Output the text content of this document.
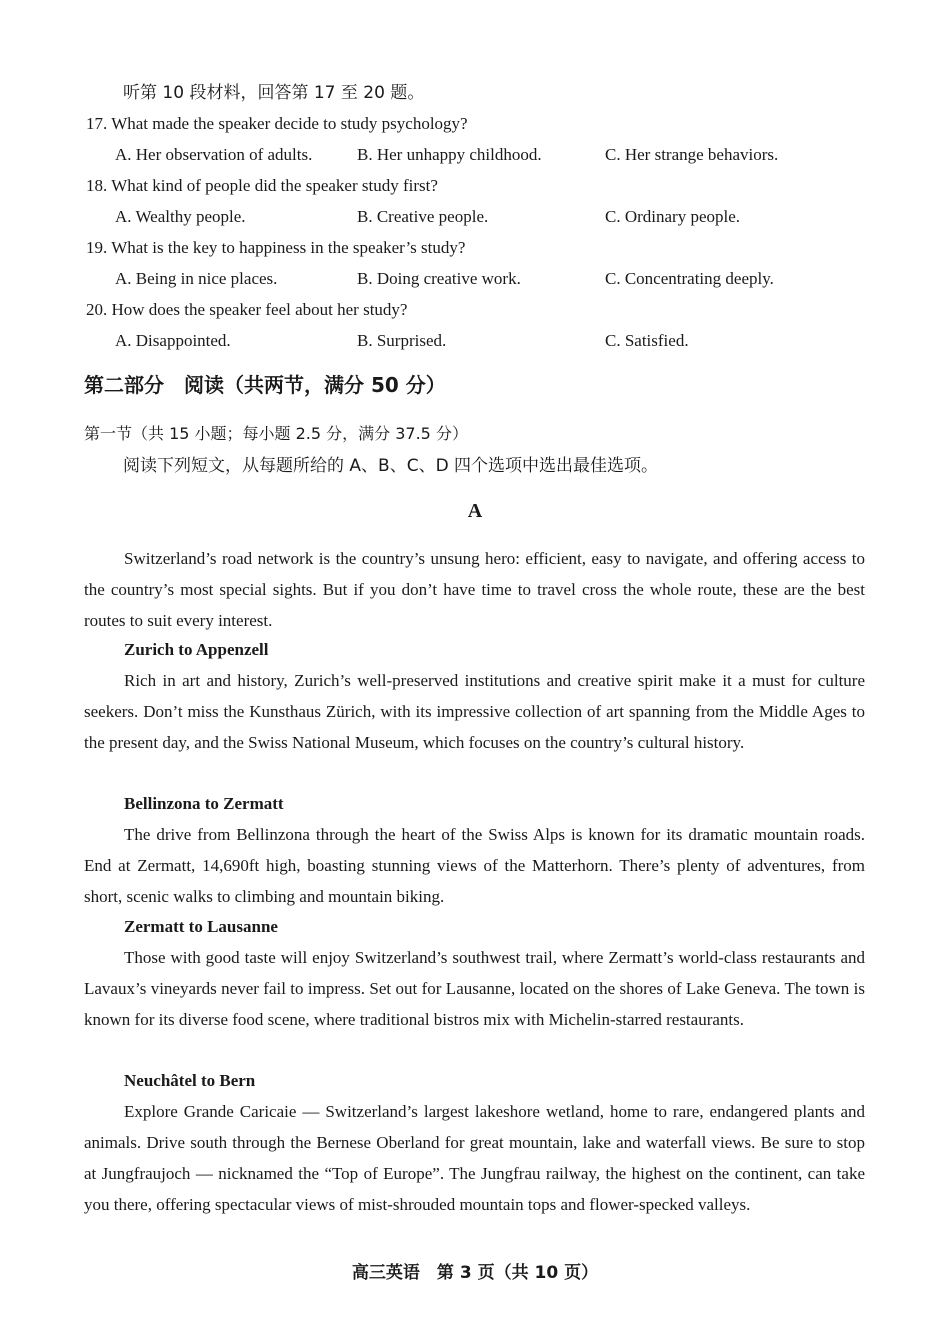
听第 10 段材料，回答第 17 至 20 题。
17. What made the speaker decide to study psychology?
A. Her observation of adults.	B. Her unhappy childhood.	C. Her strange behaviors.
18. What kind of people did the speaker study first?
A. Wealthy people.	B. Creative people.	C. Ordinary people.
19. What is the key to happiness in the speaker’s study?
A. Being in nice places.	B. Doing creative work.	C. Concentrating deeply.
20. How does the speaker feel about her study?
A. Disappointed.	B. Surprised.	C. Satisfied.
第二部分　阅读（共两节，满分 50 分）
第一节（共 15 小题；每小题 2.5 分，满分 37.5 分）
阅读下列短文，从每题所给的 A、B、C、D 四个选项中选出最佳选项。
A

Switzerland’s road network is the country’s unsung hero: efficient, easy to navigate, and offering access to the country’s most special sights. But if you don’t have time to travel cross the whole route, these are the best routes to suit every interest.

Zurich to Appenzell

Rich in art and history, Zurich’s well-preserved institutions and creative spirit make it a must for culture seekers. Don’t miss the Kunsthaus Zürich, with its impressive collection of art spanning from the Middle Ages to the present day, and the Swiss National Museum, which focuses on the country’s cultural history.

Bellinzona to Zermatt

The drive from Bellinzona through the heart of the Swiss Alps is known for its dramatic mountain roads. End at Zermatt, 14,690ft high, boasting stunning views of the Matterhorn. There’s plenty of adventures, from short, scenic walks to climbing and mountain biking.

Zermatt to Lausanne

Those with good taste will enjoy Switzerland’s southwest trail, where Zermatt’s world-class restaurants and Lavaux’s vineyards never fail to impress. Set out for Lausanne, located on the shores of Lake Geneva. The town is known for its diverse food scene, where traditional bistros mix with Michelin-starred restaurants.

Neuchâtel to Bern

Explore Grande Caricaie — Switzerland’s largest lakeshore wetland, home to rare, endangered plants and animals. Drive south through the Bernese Oberland for great mountain, lake and waterfall views. Be sure to stop at Jungfraujoch — nicknamed the “Top of Europe”. The Jungfrau railway, the highest on the continent, can take you there, offering spectacular views of mist-shrouded mountain tops and flower-specked valleys.

高三英语　第 3 页（共 10 页）
